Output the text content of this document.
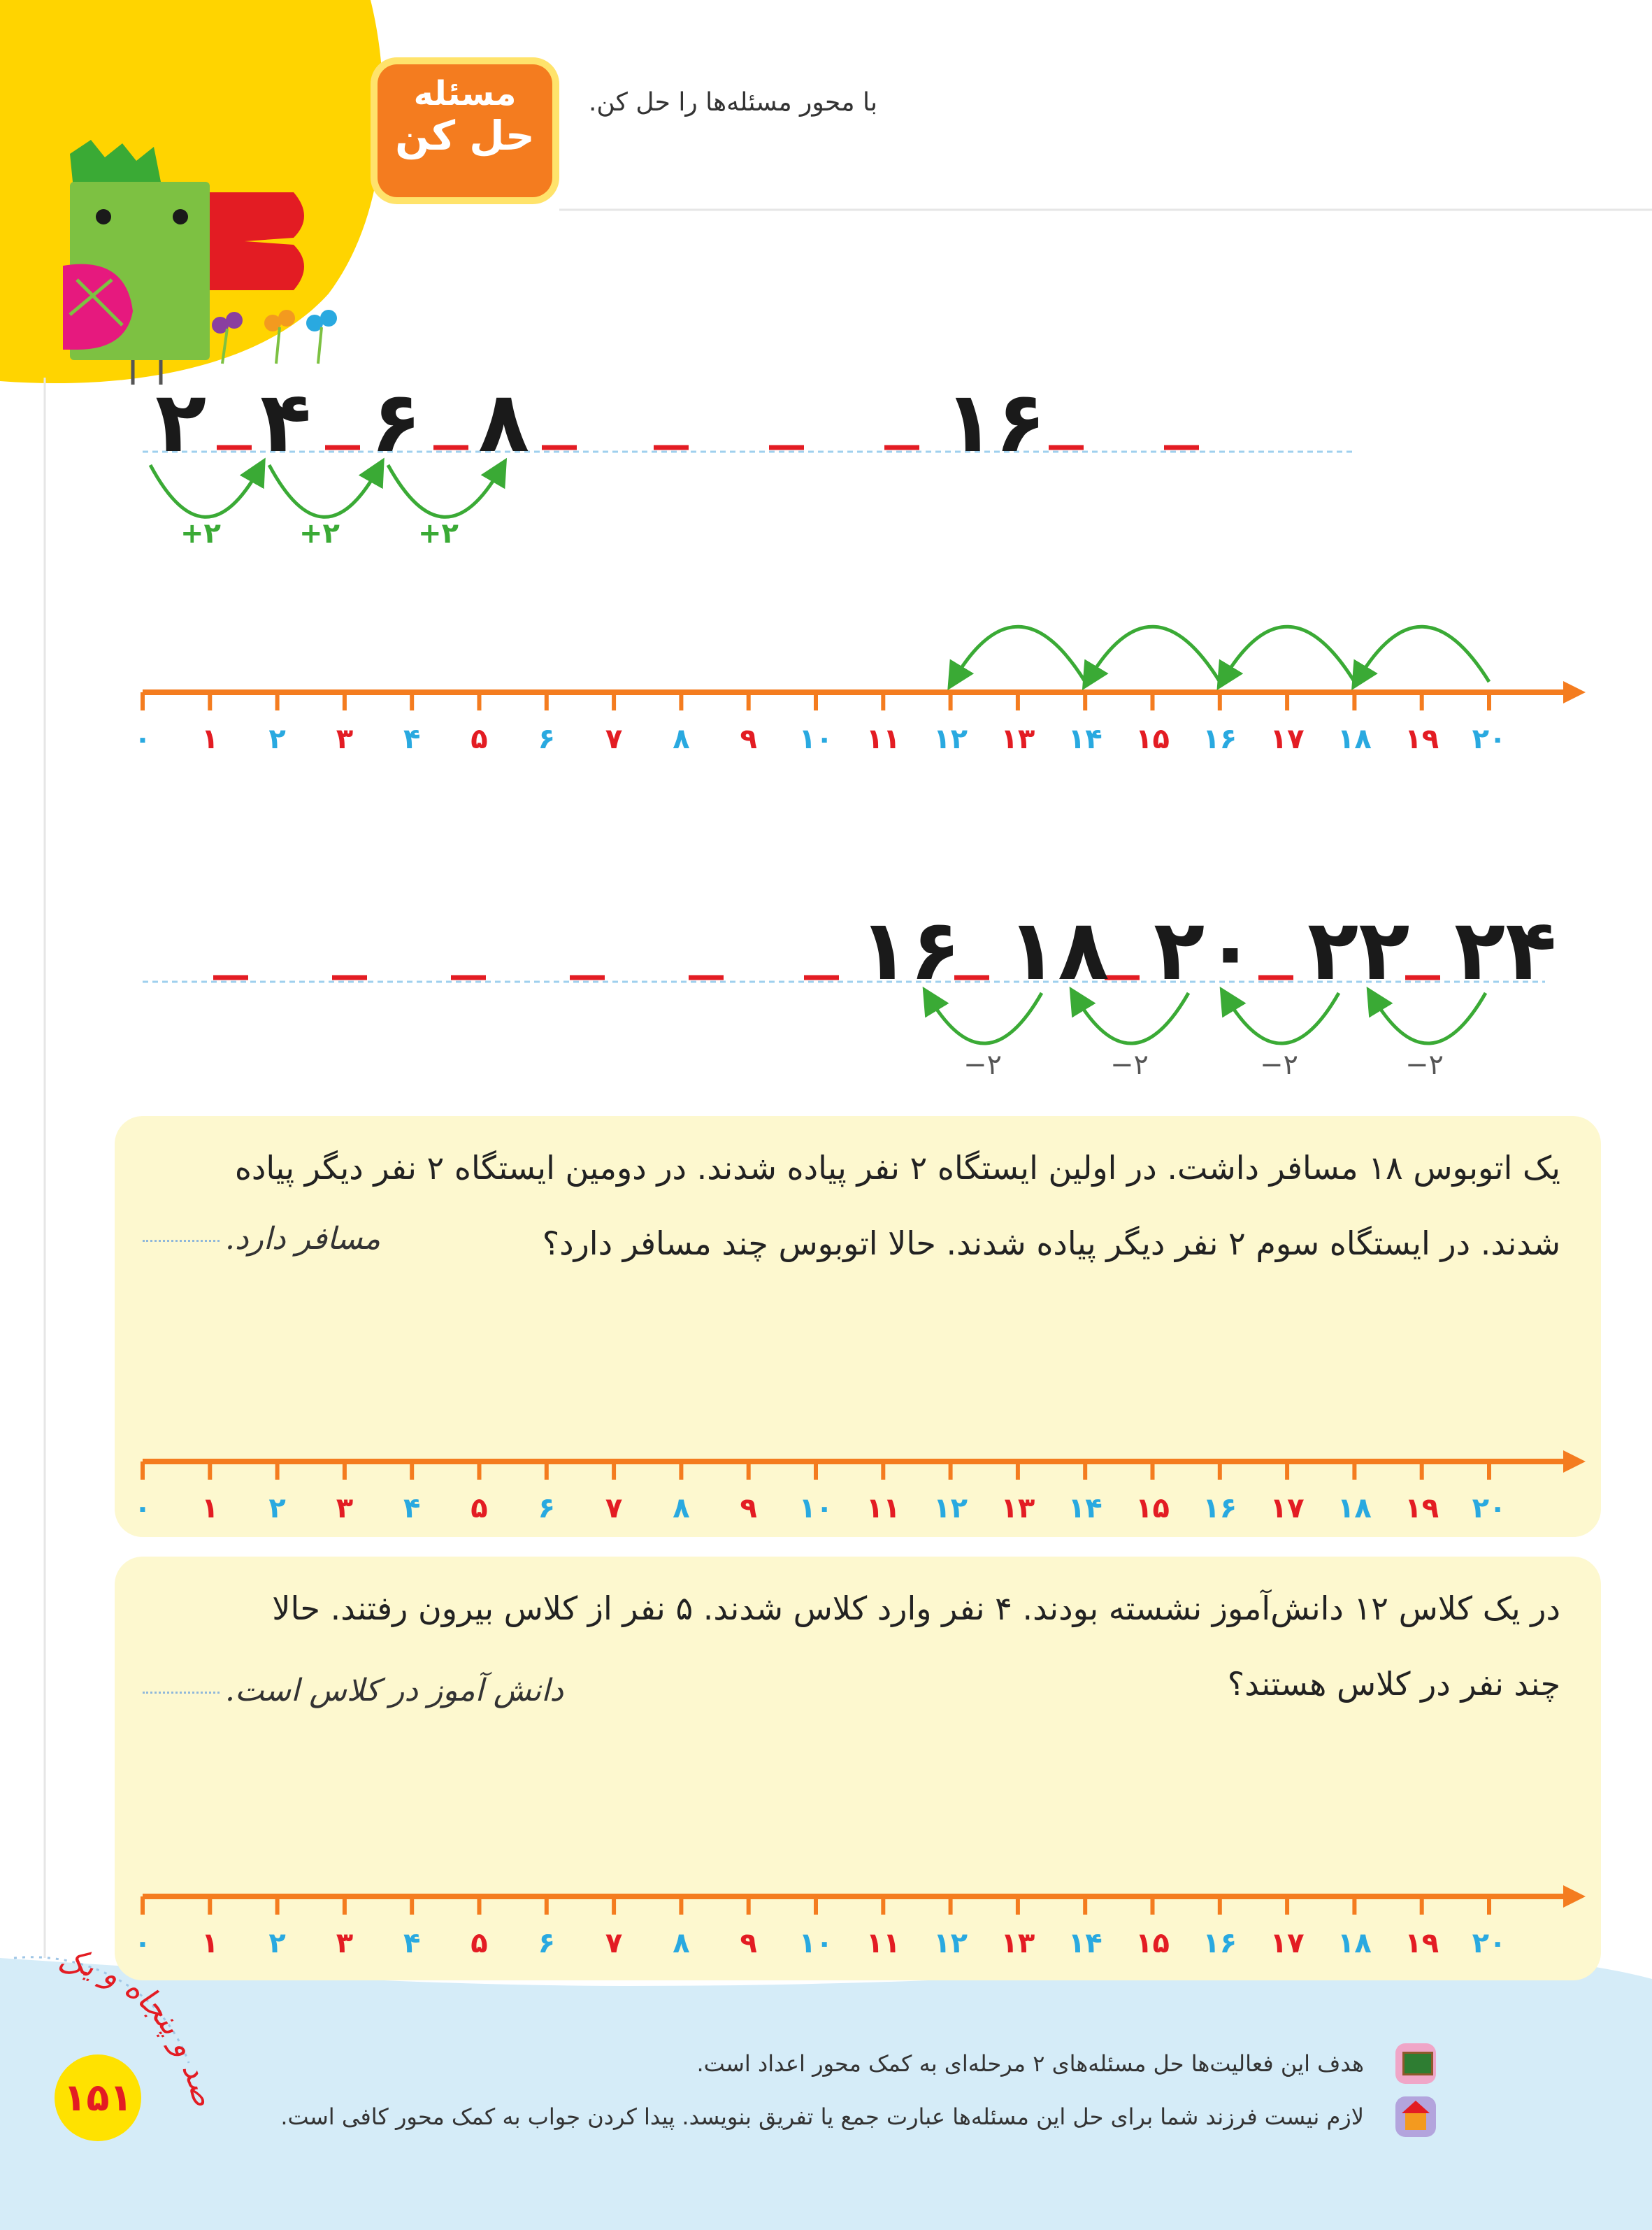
مسئله
حل کن
با محور مسئله‌ها را حل کن.
۲ ۴ ۶ ۸	۱۶
+۲	+۲	+۲
۱۶ ۱۸ ۲۰ ۲۲ ۲۴
−۲	−۲	−۲	−۲
یک اتوبوس ۱۸ مسافر داشت. در اولین ایستگاه ۲ نفر پیاده شدند. در دومین ایستگاه ۲ نفر دیگر پیاده
شدند. در ایستگاه سوم ۲ نفر دیگر پیاده شدند. حالا اتوبوس چند مسافر دارد؟
مسافر دارد.
در یک کلاس ۱۲ دانش‌آموز نشسته بودند. ۴ نفر وارد کلاس شدند. ۵ نفر از کلاس بیرون رفتند. حالا
چند نفر در کلاس هستند؟
دانش آموز در کلاس است.
۰ ۱ ۲ ۳ ۴ ۵ ۶ ۷ ۸ ۹ ۱۰ ۱۱ ۱۲ ۱۳ ۱۴ ۱۵ ۱۶ ۱۷ ۱۸ ۱۹ ۲۰
۰ ۱ ۲ ۳ ۴ ۵ ۶ ۷ ۸ ۹ ۱۰ ۱۱ ۱۲ ۱۳ ۱۴ ۱۵ ۱۶ ۱۷ ۱۸ ۱۹ ۲۰
۰ ۱ ۲ ۳ ۴ ۵ ۶ ۷ ۸ ۹ ۱۰ ۱۱ ۱۲ ۱۳ ۱۴ ۱۵ ۱۶ ۱۷ ۱۸ ۱۹ ۲۰
هدف این فعالیت‌ها حل مسئله‌های ۲ مرحله‌ای به کمک محور اعداد است.
لازم نیست فرزند شما برای حل این مسئله‌ها عبارت جمع یا تفریق بنویسد. پیدا کردن جواب به کمک محور کافی است.
صد و پنجاه و یک
۱۵۱
